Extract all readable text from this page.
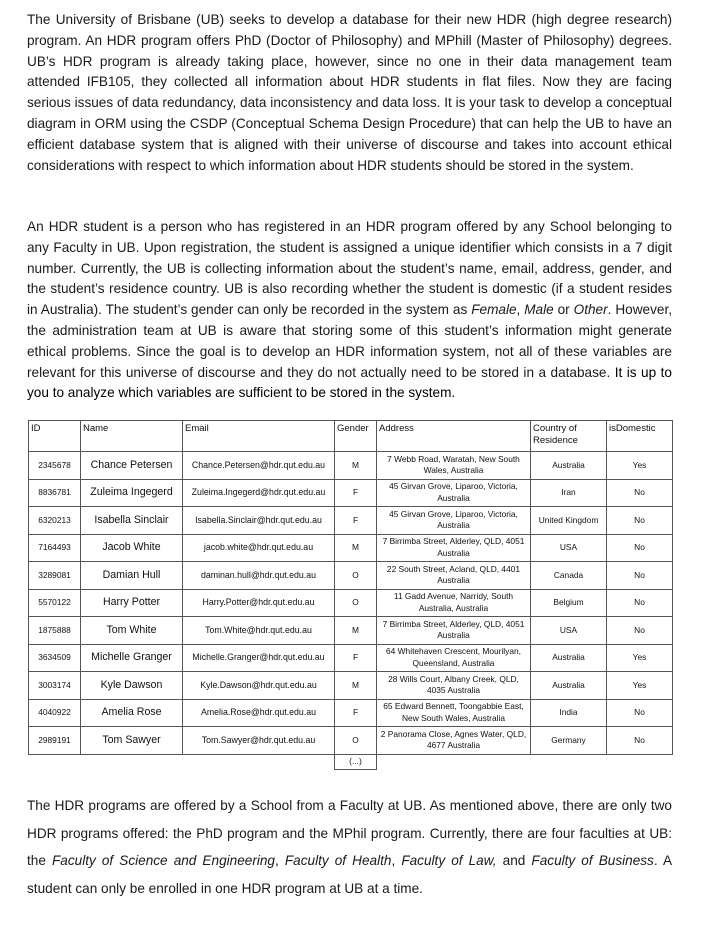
The University of Brisbane (UB) seeks to develop a database for their new HDR (high degree research) program. An HDR program offers PhD (Doctor of Philosophy) and MPhill (Master of Philosophy) degrees. UB’s HDR program is already taking place, however, since no one in their data management team attended IFB105, they collected all information about HDR students in flat files. Now they are facing serious issues of data redundancy, data inconsistency and data loss. It is your task to develop a conceptual diagram in ORM using the CSDP (Conceptual Schema Design Procedure) that can help the UB to have an efficient database system that is aligned with their universe of discourse and takes into account ethical considerations with respect to which information about HDR students should be stored in the system.

An HDR student is a person who has registered in an HDR program offered by any School belonging to any Faculty in UB. Upon registration, the student is assigned a unique identifier which consists in a 7 digit number. Currently, the UB is collecting information about the student’s name, email, address, gender, and the student’s residence country. UB is also recording whether the student is domestic (if a student resides in Australia). The student’s gender can only be recorded in the system as Female, Male or Other. However, the administration team at UB is aware that storing some of this student’s information might generate ethical problems. Since the goal is to develop an HDR information system, not all of these variables are relevant for this universe of discourse and they do not actually need to be stored in a database. It is up to you to analyze which variables are sufficient to be stored in the system.

ID	Name	Email	Gender	Address	Country of Residence	isDomestic
2345678	Chance Petersen	Chance.Petersen@hdr.qut.edu.au	M	7 Webb Road, Waratah, New South Wales, Australia	Australia	Yes
8836781	Zuleima Ingegerd	Zuleima.Ingegerd@hdr.qut.edu.au	F	45 Girvan Grove, Liparoo, Victoria, Australia	Iran	No
6320213	Isabella Sinclair	Isabella.Sinclair@hdr.qut.edu.au	F	45 Girvan Grove, Liparoo, Victoria, Australia	United Kingdom	No
7164493	Jacob White	jacob.white@hdr.qut.edu.au	M	7 Birrimba Street, Alderley, QLD, 4051 Australia	USA	No
3289081	Damian Hull	daminan.hull@hdr.qut.edu.au	O	22 South Street, Acland, QLD, 4401 Australia	Canada	No
5570122	Harry Potter	Harry.Potter@hdr.qut.edu.au	O	11 Gadd Avenue, Narridy, South Australia, Australia	Belgium	No
1875888	Tom White	Tom.White@hdr.qut.edu.au	M	7 Birrimba Street, Alderley, QLD, 4051 Australia	USA	No
3634509	Michelle Granger	Michelle.Granger@hdr.qut.edu.au	F	64 Whitehaven Crescent, Mourilyan, Queensland, Australia	Australia	Yes
3003174	Kyle Dawson	Kyle.Dawson@hdr.qut.edu.au	M	28 Wills Court, Albany Creek, QLD, 4035 Australia	Australia	Yes
4040922	Amelia Rose	Amelia.Rose@hdr.qut.edu.au	F	65 Edward Bennett, Toongabbie East, New South Wales, Australia	India	No
2989191	Tom Sawyer	Tom.Sawyer@hdr.qut.edu.au	O	2 Panorama Close, Agnes Water, QLD, 4677 Australia	Germany	No
			(...)			

The HDR programs are offered by a School from a Faculty at UB. As mentioned above, there are only two HDR programs offered: the PhD program and the MPhil program. Currently, there are four faculties at UB: the Faculty of Science and Engineering, Faculty of Health, Faculty of Law, and Faculty of Business. A student can only be enrolled in one HDR program at UB at a time.
